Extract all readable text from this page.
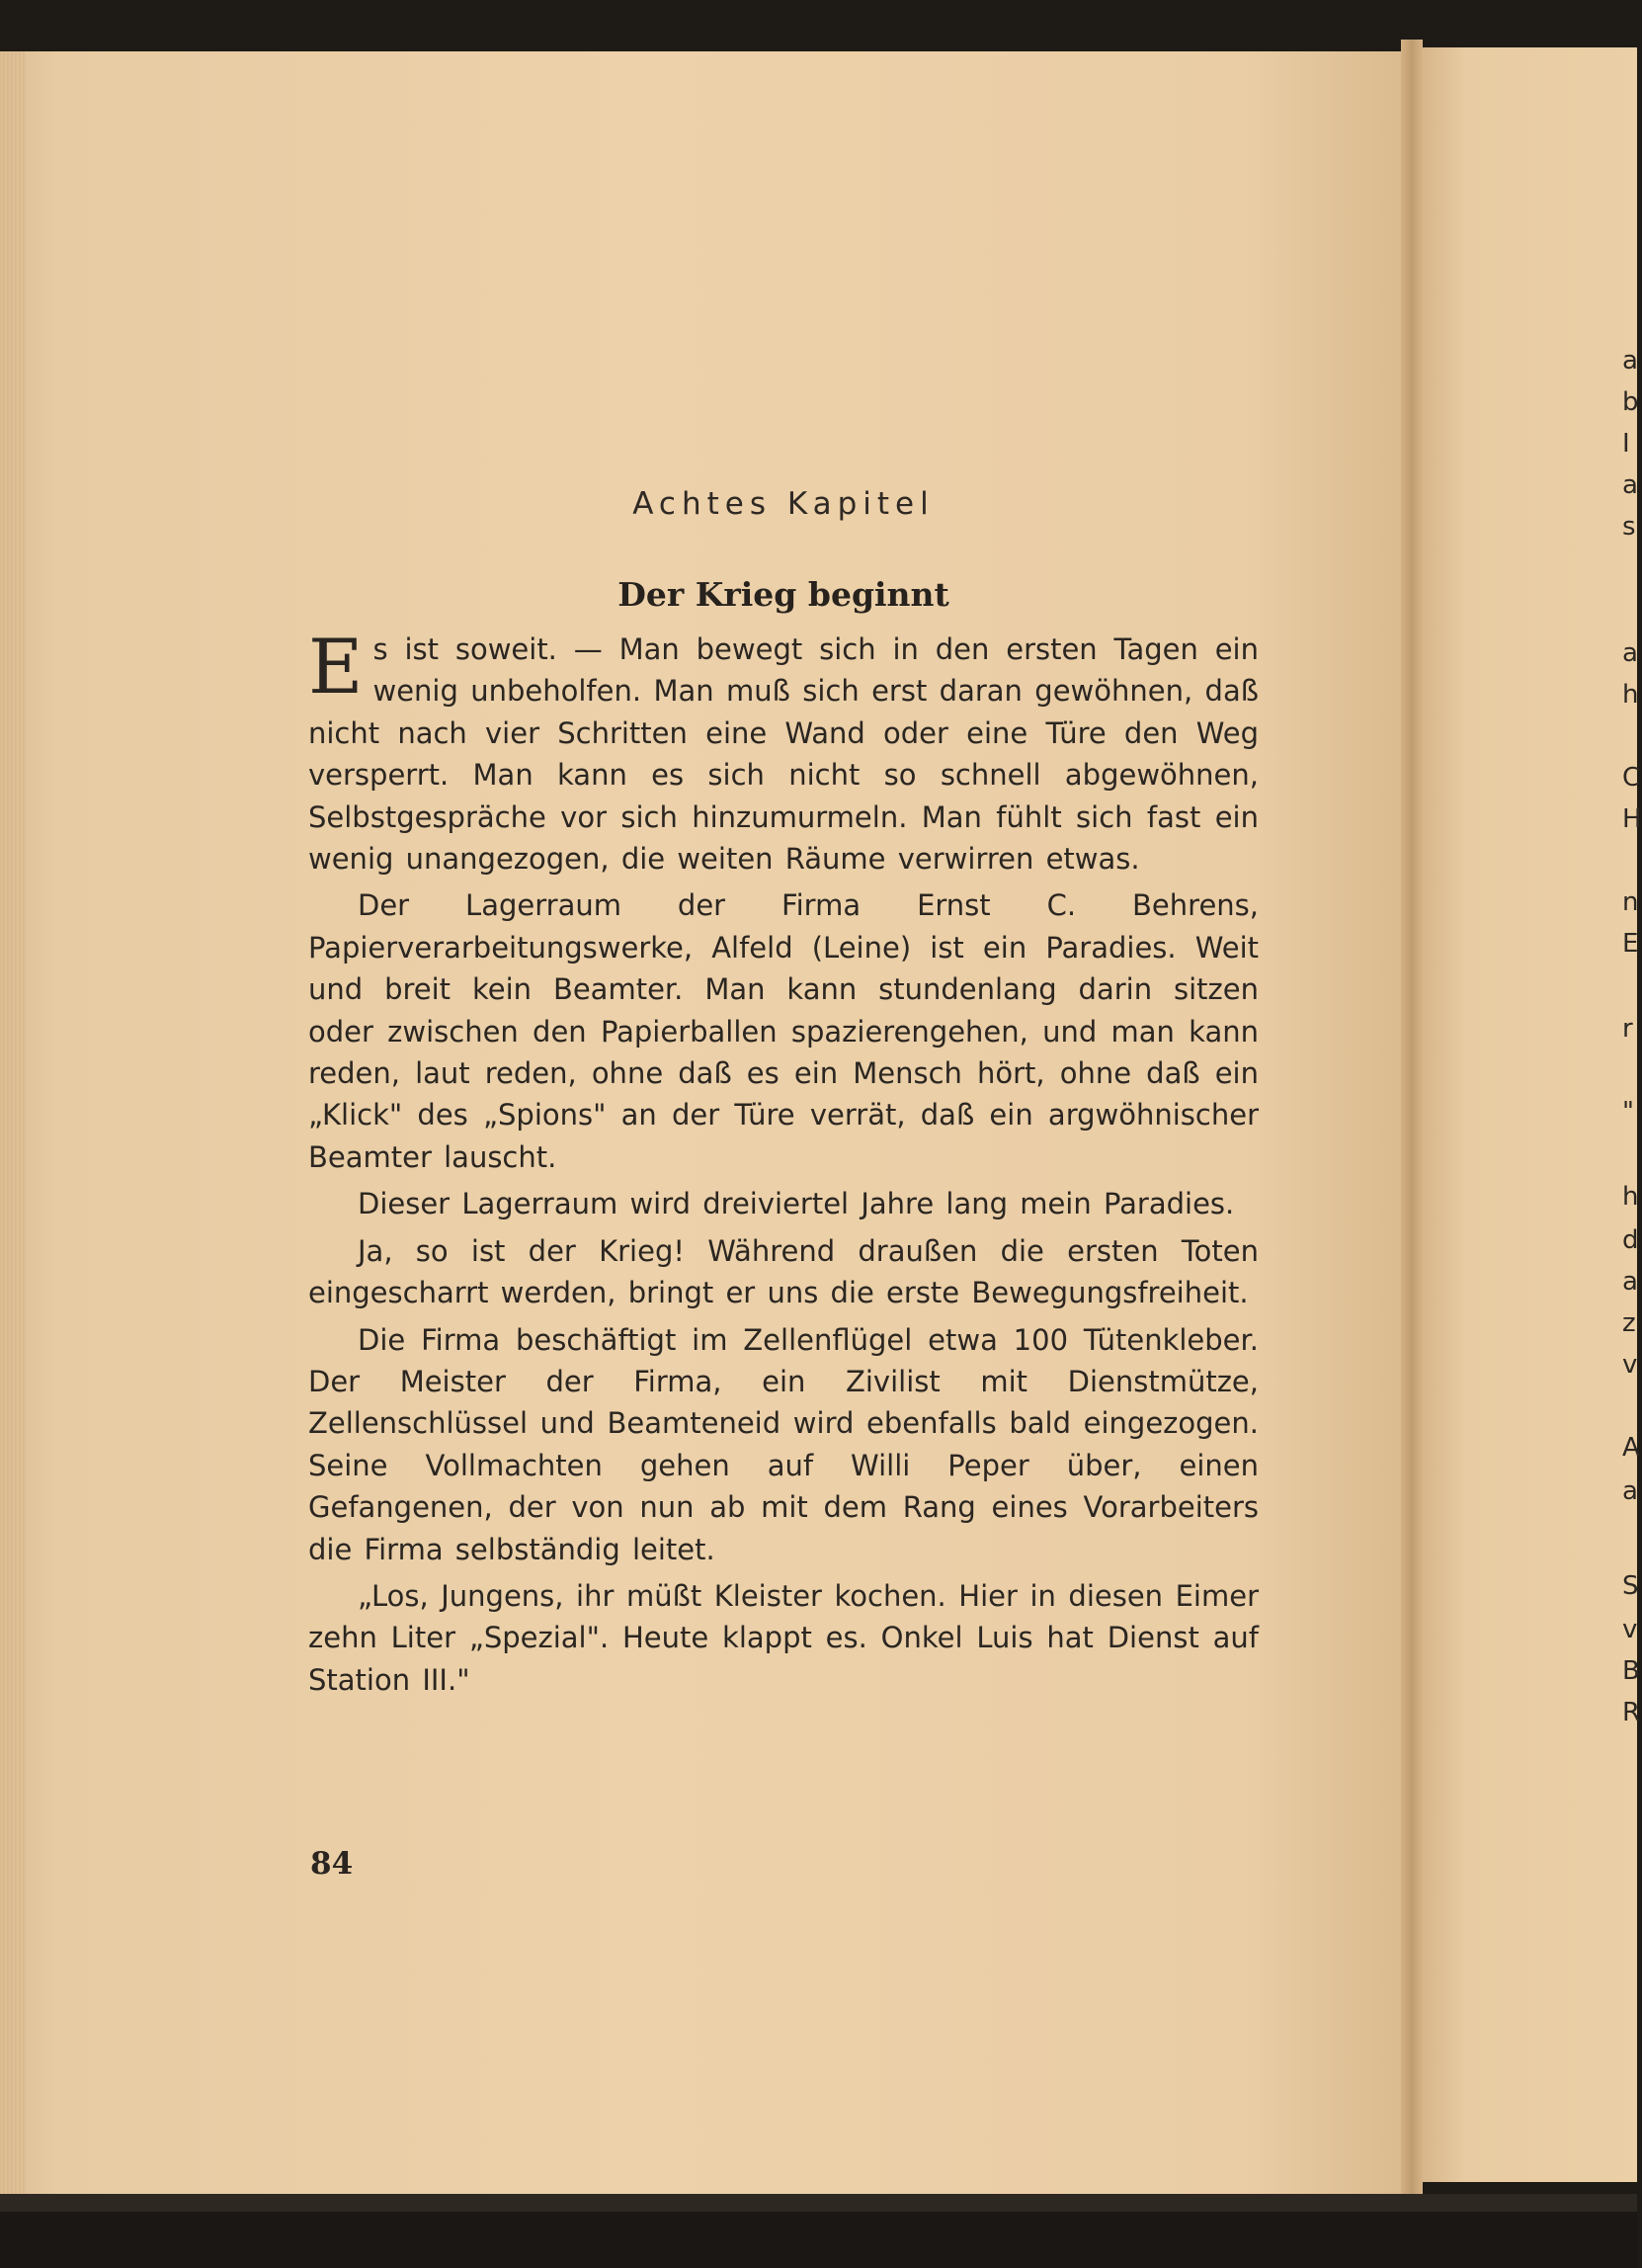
Achtes Kapitel
Der Krieg beginnt

Es ist soweit. — Man bewegt sich in den ersten Tagen ein wenig unbeholfen. Man muß sich erst daran gewöhnen, daß nicht nach vier Schritten eine Wand oder eine Türe den Weg versperrt. Man kann es sich nicht so schnell abgewöhnen, Selbstgespräche vor sich hinzumurmeln. Man fühlt sich fast ein wenig unangezogen, die weiten Räume verwirren etwas.

Der Lagerraum der Firma Ernst C. Behrens, Papierverarbeitungswerke, Alfeld (Leine) ist ein Paradies. Weit und breit kein Beamter. Man kann stundenlang darin sitzen oder zwischen den Papierballen spazierengehen, und man kann reden, laut reden, ohne daß es ein Mensch hört, ohne daß ein „Klick" des „Spions" an der Türe verrät, daß ein argwöhnischer Beamter lauscht.

Dieser Lagerraum wird dreiviertel Jahre lang mein Paradies.

Ja, so ist der Krieg! Während draußen die ersten Toten eingescharrt werden, bringt er uns die erste Bewegungsfreiheit.

Die Firma beschäftigt im Zellenflügel etwa 100 Tütenkleber. Der Meister der Firma, ein Zivilist mit Dienstmütze, Zellenschlüssel und Beamteneid wird ebenfalls bald eingezogen. Seine Vollmachten gehen auf Willi Peper über, einen Gefangenen, der von nun ab mit dem Rang eines Vorarbeiters die Firma selbständig leitet.

„Los, Jungens, ihr müßt Kleister kochen. Hier in diesen Eimer zehn Liter „Spezial". Heute klappt es. Onkel Luis hat Dienst auf Station III."

84
a
b
I
a
s
a
h
C
H
n
E
r
"
h
d
a
z
v
A
a
S
v
B
R
